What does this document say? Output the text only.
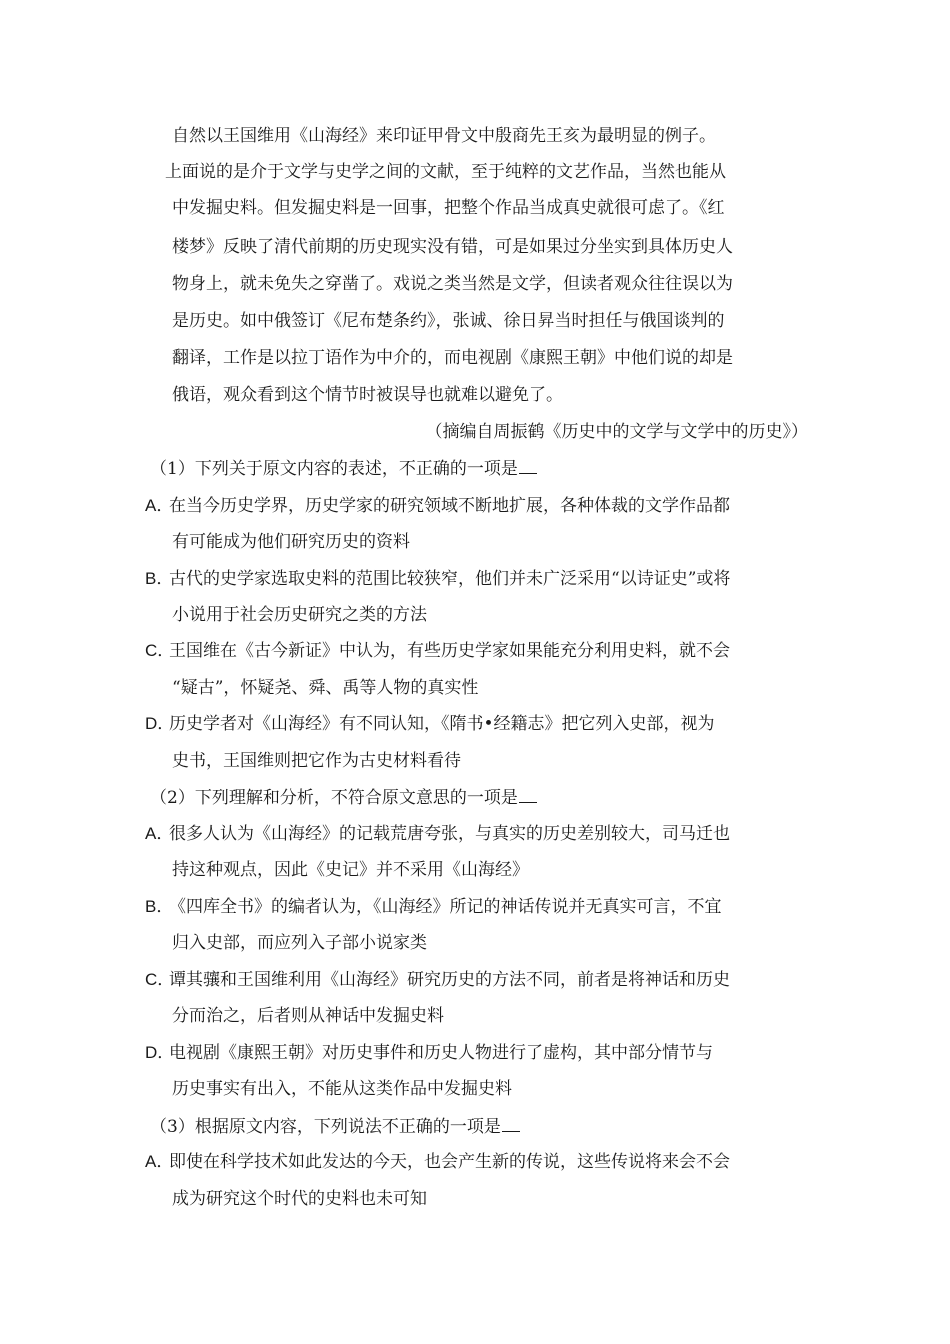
自然以王国维用《山海经》来印证甲骨文中殷商先王亥为最明显的例子。
上面说的是介于文学与史学之间的文献，至于纯粹的文艺作品，当然也能从
中发掘史料。但发掘史料是一回事，把整个作品当成真史就很可虑了。《红
楼梦》反映了清代前期的历史现实没有错，可是如果过分坐实到具体历史人
物身上，就未免失之穿凿了。戏说之类当然是文学，但读者观众往往误以为
是历史。如中俄签订《尼布楚条约》，张诚、徐日昇当时担任与俄国谈判的
翻译，工作是以拉丁语作为中介的，而电视剧《康熙王朝》中他们说的却是
俄语，观众看到这个情节时被误导也就难以避免了。
（摘编自周振鹤《历史中的文学与文学中的历史》）
（1）下列关于原文内容的表述，不正确的一项是
A．在当今历史学界，历史学家的研究领域不断地扩展，各种体裁的文学作品都
有可能成为他们研究历史的资料
B．古代的史学家选取史料的范围比较狭窄，他们并未广泛采用“以诗证史”或将
小说用于社会历史研究之类的方法
C．王国维在《古今新证》中认为，有些历史学家如果能充分利用史料，就不会
“疑古”，怀疑尧、舜、禹等人物的真实性
D．历史学者对《山海经》有不同认知，《隋书•经籍志》把它列入史部，视为
史书，王国维则把它作为古史材料看待
（2）下列理解和分析，不符合原文意思的一项是
A．很多人认为《山海经》的记载荒唐夸张，与真实的历史差别较大，司马迁也
持这种观点，因此《史记》并不采用《山海经》
B．《四库全书》的编者认为，《山海经》所记的神话传说并无真实可言，不宜
归入史部，而应列入子部小说家类
C．谭其骧和王国维利用《山海经》研究历史的方法不同，前者是将神话和历史
分而治之，后者则从神话中发掘史料
D．电视剧《康熙王朝》对历史事件和历史人物进行了虚构，其中部分情节与
历史事实有出入，不能从这类作品中发掘史料
（3）根据原文内容，下列说法不正确的一项是
A．即使在科学技术如此发达的今天，也会产生新的传说，这些传说将来会不会
成为研究这个时代的史料也未可知
